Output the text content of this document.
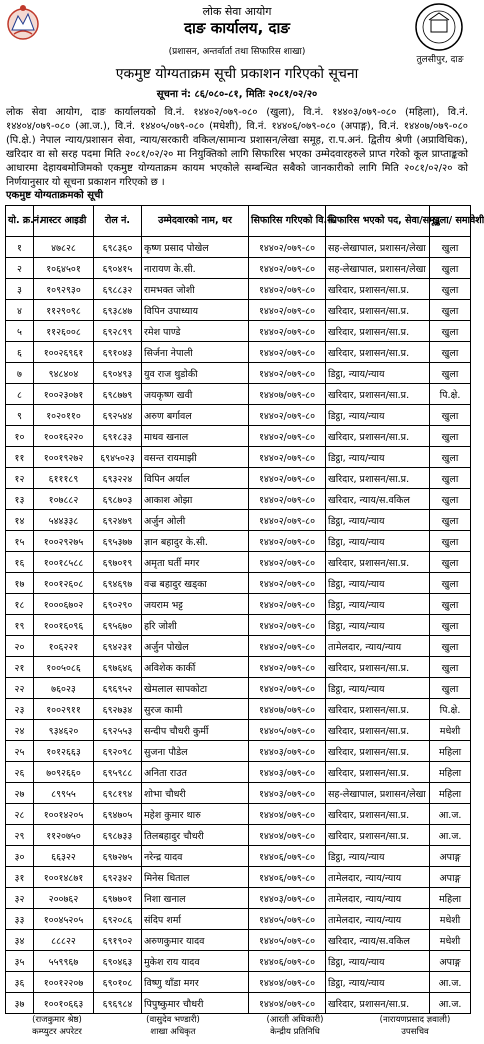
लोक सेवा आयोग
दाङ कार्यालय, दाङ
(प्रशासन, अन्तर्वार्ता तथा सिफारिस शाखा)
एकमुष्ट योग्यताक्रम सूची प्रकाशन गरिएको सूचना
सूचना नं: ८६/०८०-८१, मितिः २०८१/०२/२०
तुलसीपुर, दाङ
लोक सेवा आयोग, दाङ कार्यालयको वि.नं. १४४०२/०७९-०८० (खुला), वि.नं. १४४०३/०७९-०८० (महिला), वि.नं. १४४०४/०७९-०८० (आ.ज.), वि.नं. १४४०५/०७९-०८० (मधेशी), वि.नं. १४४०६/०७९-०८० (अपाङ्ग), वि.नं. १४४०७/०७९-०८० (पि.क्षे.) नेपाल न्याय/प्रशासन सेवा, न्याय/सरकारी वकिल/सामान्य प्रशासन/लेखा समूह, रा.प.अनं. द्वितीय श्रेणी (अप्राविधिक), खरिदार वा सो सरह पदमा मिति २०८१/०२/२० मा नियुक्तिको लागि सिफारिस भएका उम्मेदवारहरुले प्राप्त गरेको कूल प्राप्ताङ्कको आधारमा देहायबमोजिमको एकमुष्ट योग्यताक्रम कायम भएकोले सम्बन्धित सबैको जानकारीको लागि मिति २०८१/०२/२० को निर्णयानुसार यो सूचना प्रकाशन गरिएको छ ।
एकमुष्ट योग्यताक्रमको सूची
यो. क्र.नं.	मास्टर आइडी	रोल नं.	उम्मेदवारको नाम, थर	सिफारिस गरिएको वि.नं.	सिफारिस भएको पद, सेवा/समूह	खुला/ समावेशी
१	४७८२८	६९८३६०	कृष्ण प्रसाद पोखेल	१४४०२/०७९-८०	सह-लेखापाल, प्रशासन/लेखा	खुला
२	१०६४५०१	६९०४१५	नारायण के.सी.	१४४०२/०७९-८०	सह-लेखापाल, प्रशासन/लेखा	खुला
३	१०९२९३०	६९८८३२	रामभक्त जोशी	१४४०२/०७९-८०	खरिदार, प्रशासन/सा.प्र.	खुला
४	११२९०९८	६९३८४७	विपिन उपाध्याय	१४४०२/०७९-८०	खरिदार, प्रशासन/सा.प्र.	खुला
५	११२६००८	६९२८९९	रमेश पाण्डे	१४४०२/०७९-८०	खरिदार, प्रशासन/सा.प्र.	खुला
६	१००२६९६१	६९१०४३	सिर्जना नेपाली	१४४०२/०७९-८०	खरिदार, प्रशासन/सा.प्र.	खुला
७	९४८४०४	६९०४९३	युव राज थुडोकी	१४४०२/०७९-८०	डिट्ठा, न्याय/न्याय	खुला
८	१००२३०७१	६९८७७९	जयकृष्ण खवी	१४४०७/०७९-८०	खरिदार, प्रशासन/सा.प्र.	पि.क्षे.
९	१०२०११०	६९२५४४	अरुण बर्गावल	१४४०२/०७९-८०	डिट्ठा, न्याय/न्याय	खुला
१०	१००१६२२०	६९१८३३	माधव खनाल	१४४०२/०७९-८०	खरिदार, प्रशासन/सा.प्र.	खुला
११	१००१९२७२	६९४५०२३	वसन्त रायमाझी	१४४०२/०७९-८०	डिट्ठा, न्याय/न्याय	खुला
१२	६१११८९	६९३२२४	विपिन अर्याल	१४४०२/०७९-८०	खरिदार, प्रशासन/सा.प्र.	खुला
१३	१०७८८२	६९८७०३	आकाश ओझा	१४४०२/०७९-८०	खरिदार, न्याय/स.वकिल	खुला
१४	५४४३३८	६९२४७९	अर्जुन ओली	१४४०२/०७९-८०	डिट्ठा, न्याय/न्याय	खुला
१५	१००२९२७५	६९५३७७	ज्ञान बहादुर के.सी.	१४४०२/०७९-८०	डिट्ठा, न्याय/न्याय	खुला
१६	१००१८५८८	६९७०१९	अमृता घर्ती मगर	१४४०२/०७९-८०	खरिदार, प्रशासन/सा.प्र.	खुला
१७	१००१२६०८	६९४६९७	वज्र बहादुर खड्का	१४४०२/०७९-८०	डिट्ठा, न्याय/न्याय	खुला
१८	१०००६७०२	६९०२९०	जयराम भट्ट	१४४०२/०७९-८०	डिट्ठा, न्याय/न्याय	खुला
१९	१००१६०९६	६९५६७०	हरि जोशी	१४४०२/०७९-८०	डिट्ठा, न्याय/न्याय	खुला
२०	१०६२२१	६९४२३१	अर्जुन पोखेल	१४४०२/०७९-८०	तामेलदार, न्याय/न्याय	खुला
२१	१००५०८६	६९७६४६	अविशेक कार्की	१४४०२/०७९-८०	खरिदार, प्रशासन/सा.प्र.	खुला
२२	७६०२३	६९६९५२	खेमलाल सापकोटा	१४४०२/०७९-८०	डिट्ठा, न्याय/न्याय	खुला
२३	१००२९११	६९२७३४	सुरज कामी	१४४०७/०७९-८०	खरिदार, प्रशासन/सा.प्र.	पि.क्षे.
२४	९३४६२०	६९२५५३	सन्दीप चौधरी कुर्मी	१४४०५/०७९-८०	खरिदार, प्रशासन/सा.प्र.	मधेशी
२५	१०१२६६३	६९२०९८	सुजना पौडेल	१४४०३/०७९-८०	खरिदार, प्रशासन/सा.प्र.	महिला
२६	७०९२६६०	६९५९८८	अनिता राउत	१४४०३/०७९-८०	खरिदार, प्रशासन/सा.प्र.	महिला
२७	८९९५५	६९८१९४	शोभा चौधरी	१४४०३/०७९-८०	सह-लेखापाल, प्रशासन/लेखा	महिला
२८	१००१४२०५	६९४७०५	महेश कुमार थारु	१४४०४/०७९-८०	खरिदार, प्रशासन/सा.प्र.	आ.ज.
२९	११२०७५०	६९८७३३	तिलबहादुर चौधरी	१४४०४/०७९-८०	खरिदार, प्रशासन/सा.प्र.	आ.ज.
३०	६६३२२	६९७२७५	नरेन्द्र यादव	१४४०६/०७९-८०	डिट्ठा, न्याय/न्याय	अपाङ्ग
३१	१००१४८७१	६९२३४२	मिनेस धिताल	१४४०६/०७९-८०	तामेलदार, न्याय/न्याय	अपाङ्ग
३२	२००७६२	६९७७०१	निशा खनाल	१४४०३/०७९-८०	तामेलदार, न्याय/न्याय	महिला
३३	१००४५२०५	६९२०८६	संदिप शर्मा	१४४०५/०७९-८०	तामेलदार, न्याय/न्याय	मधेशी
३४	८८८२२	६९१९०२	अरुणकुमार यादव	१४४०५/०७९-८०	खरिदार, न्याय/स.वकिल	मधेशी
३५	५५९९६७	६९०४६३	मुकेश राय यादव	१४४०६/०७९-८०	डिट्ठा, न्याय/न्याय	अपाङ्ग
३६	१००१२२०७	६९०१०८	विष्णु थाँडा मगर	१४४०४/०७९-८०	डिट्ठा, न्याय/न्याय	आ.ज.
३७	१००१०६६३	६९६९८४	पिपुष्कुमार चौधरी	१४४०४/०७९-८०	खरिदार, प्रशासन/सा.प्र.	आ.ज.
(राजकुमार श्रेष्ठ)
कम्प्युटर अपरेटर
(वासुदेव भण्डारी)
शाखा अधिकृत
(आरती अधिकारी)
केन्द्रीय प्रतिनिधि
(नारायणप्रसाद ज्ञवाली)
उपसचिव
